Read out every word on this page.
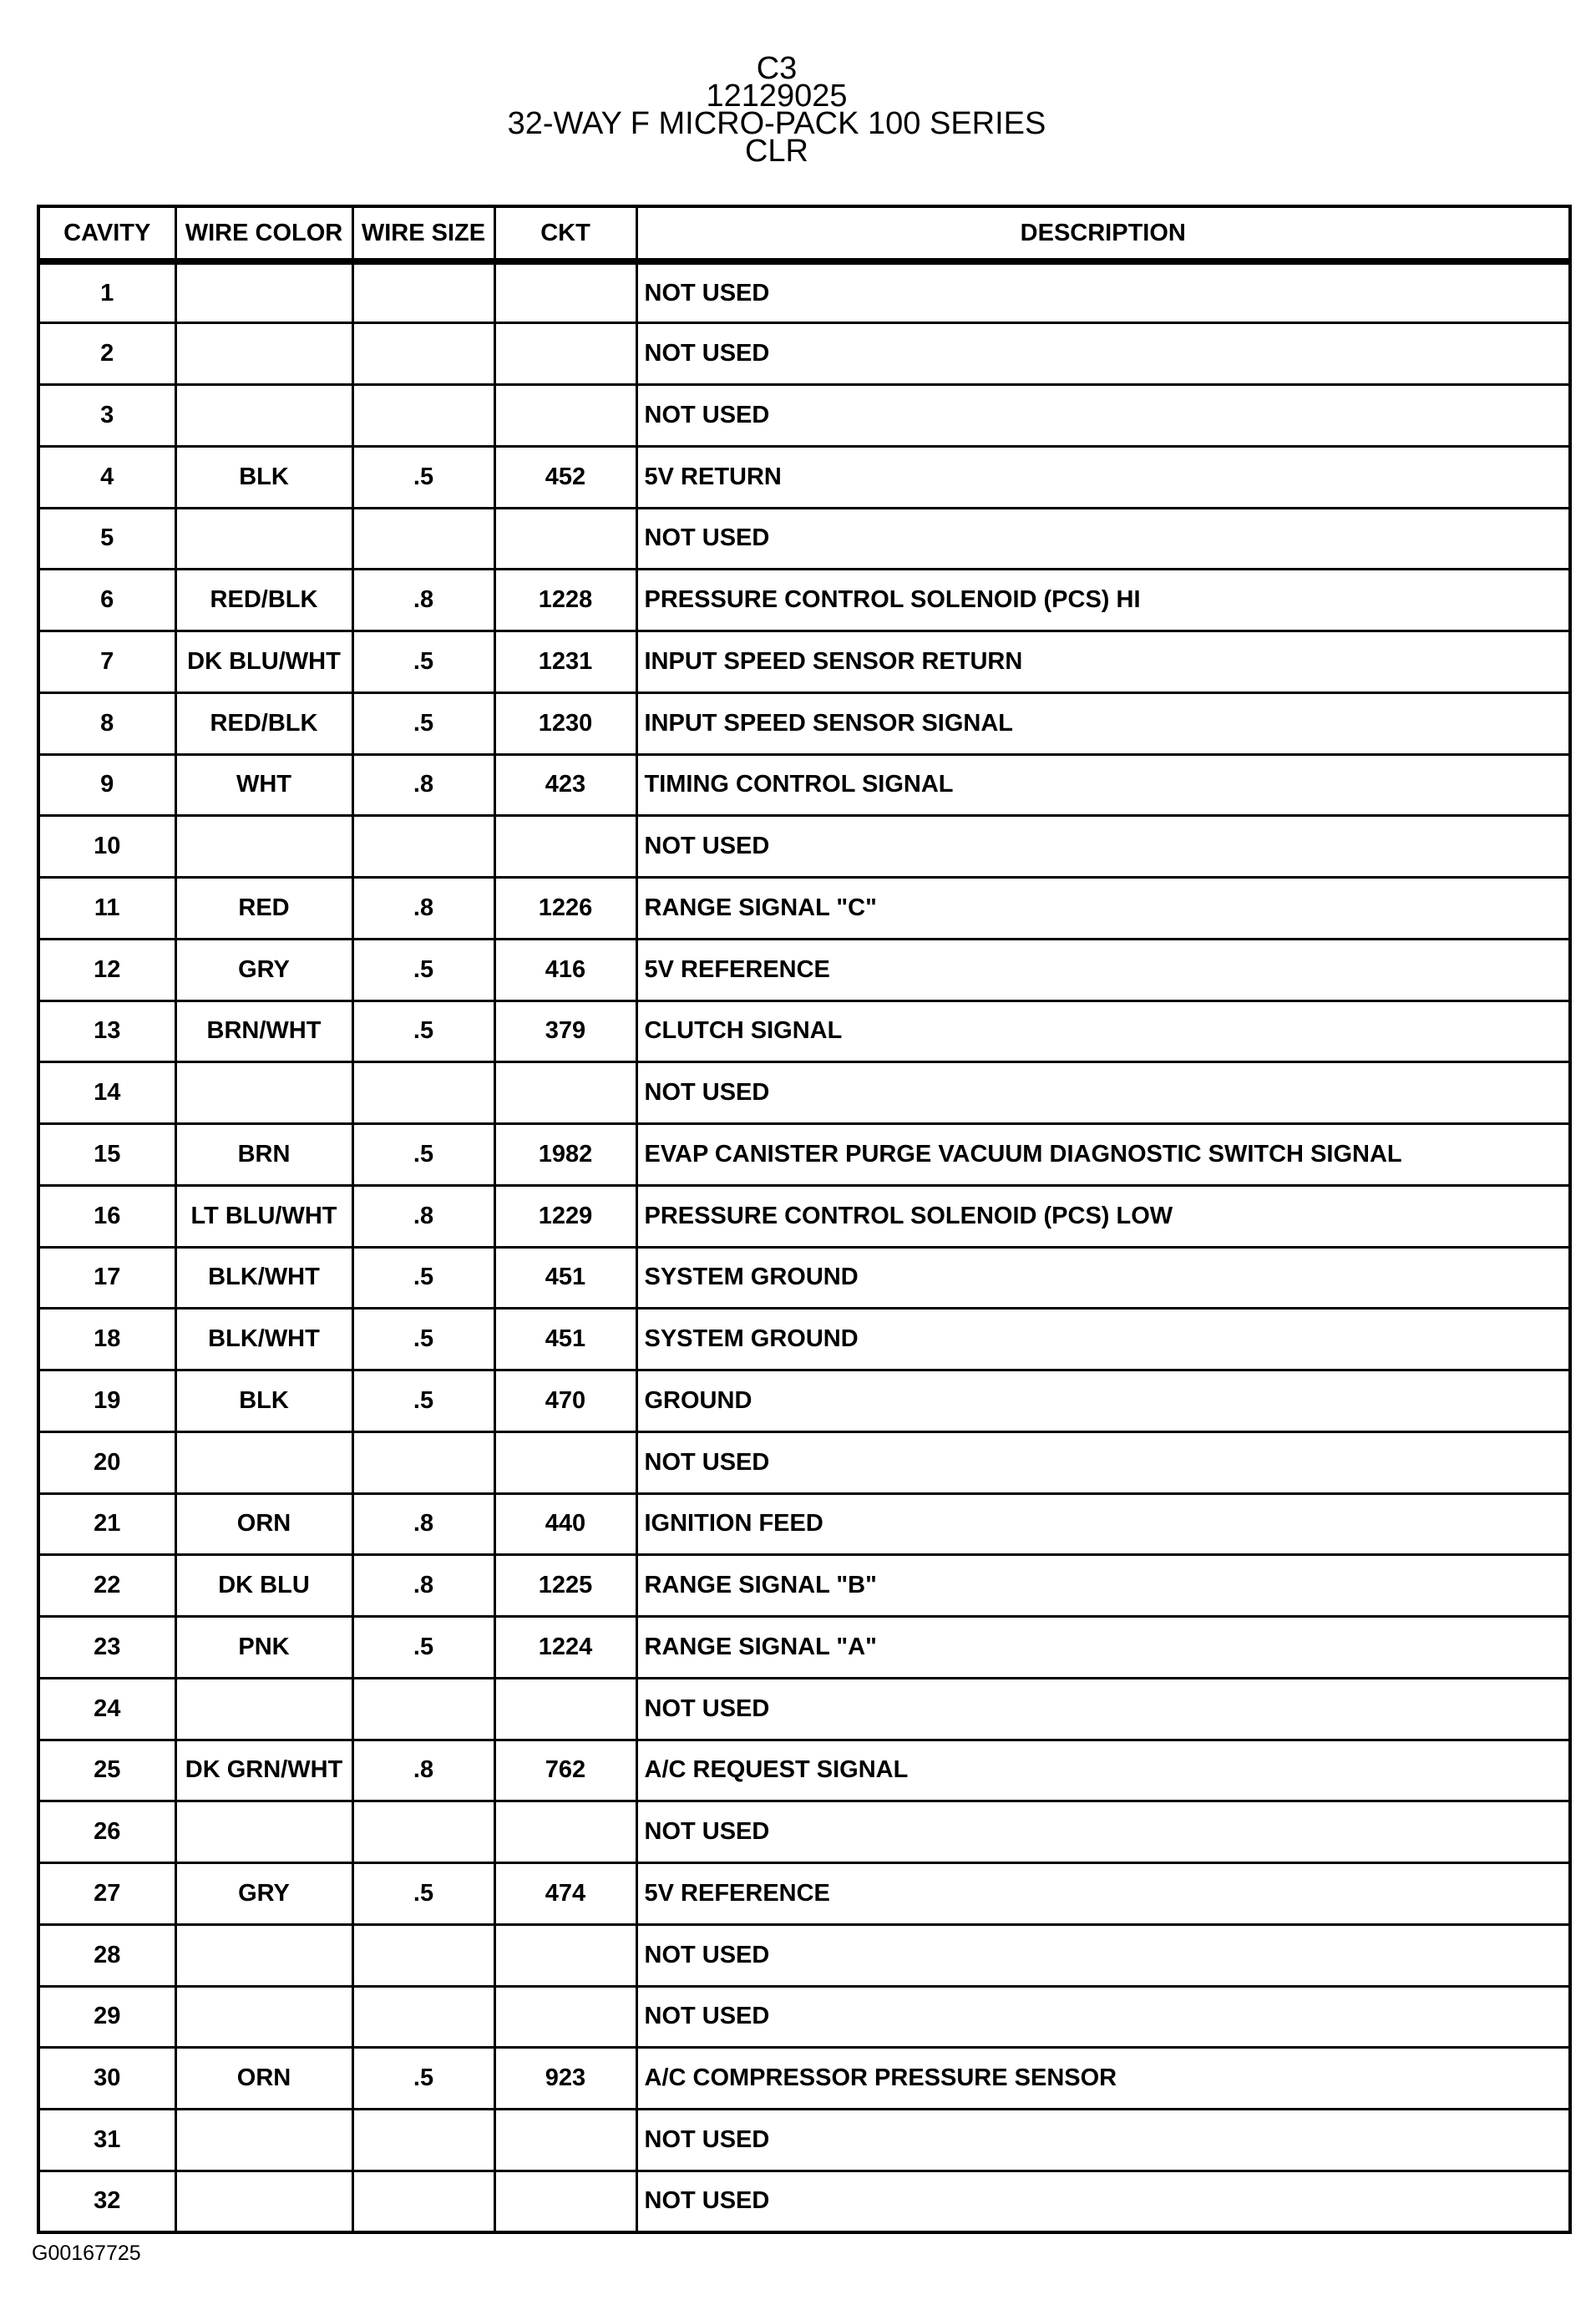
C3
12129025
32-WAY F MICRO-PACK 100 SERIES
CLR
CAVITY	WIRE COLOR	WIRE SIZE	CKT	DESCRIPTION
1				NOT USED
2				NOT USED
3				NOT USED
4	BLK	.5	452	5V RETURN
5				NOT USED
6	RED/BLK	.8	1228	PRESSURE CONTROL SOLENOID (PCS) HI
7	DK BLU/WHT	.5	1231	INPUT SPEED SENSOR RETURN
8	RED/BLK	.5	1230	INPUT SPEED SENSOR SIGNAL
9	WHT	.8	423	TIMING CONTROL SIGNAL
10				NOT USED
11	RED	.8	1226	RANGE SIGNAL "C"
12	GRY	.5	416	5V REFERENCE
13	BRN/WHT	.5	379	CLUTCH SIGNAL
14				NOT USED
15	BRN	.5	1982	EVAP CANISTER PURGE VACUUM DIAGNOSTIC SWITCH SIGNAL
16	LT BLU/WHT	.8	1229	PRESSURE CONTROL SOLENOID (PCS) LOW
17	BLK/WHT	.5	451	SYSTEM GROUND
18	BLK/WHT	.5	451	SYSTEM GROUND
19	BLK	.5	470	GROUND
20				NOT USED
21	ORN	.8	440	IGNITION FEED
22	DK BLU	.8	1225	RANGE SIGNAL "B"
23	PNK	.5	1224	RANGE SIGNAL "A"
24				NOT USED
25	DK GRN/WHT	.8	762	A/C REQUEST SIGNAL
26				NOT USED
27	GRY	.5	474	5V REFERENCE
28				NOT USED
29				NOT USED
30	ORN	.5	923	A/C COMPRESSOR PRESSURE SENSOR
31				NOT USED
32				NOT USED
G00167725
